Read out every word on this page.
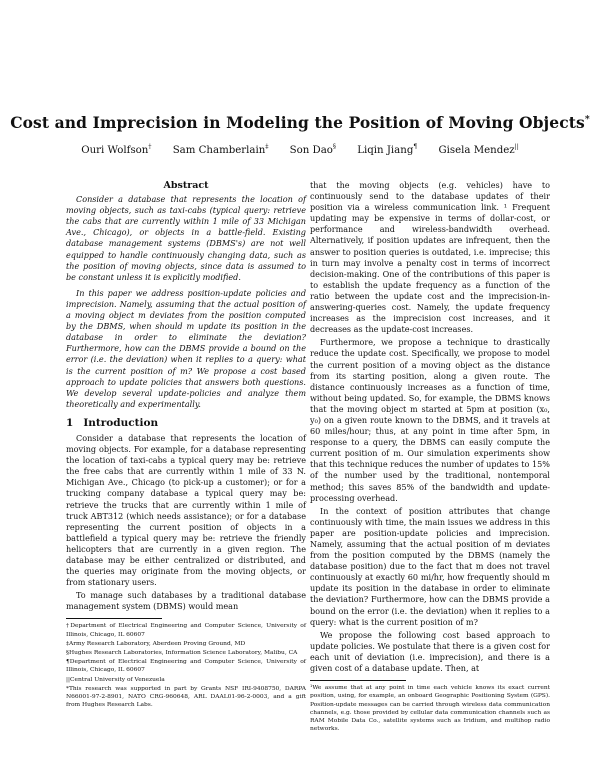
Cost and Imprecision in Modeling the Position of Moving Objects*
Ouri Wolfson† Sam Chamberlain‡ Son Dao§ Liqin Jiang¶ Gisela Mendez||
Abstract

Consider a database that represents the location of moving objects, such as taxi-cabs (typical query: retrieve the cabs that are currently within 1 mile of 33 Michigan Ave., Chicago), or objects in a battle-field. Existing database management systems (DBMS's) are not well equipped to handle continuously changing data, such as the position of moving objects, since data is assumed to be constant unless it is explicitly modified.

In this paper we address position-update policies and imprecision. Namely, assuming that the actual position of a moving object m deviates from the position computed by the DBMS, when should m update its position in the database in order to eliminate the deviation? Furthermore, how can the DBMS provide a bound on the error (i.e. the deviation) when it replies to a query: what is the current position of m? We propose a cost based approach to update policies that answers both questions. We develop several update-policies and analyze them theoretically and experimentally.

1 Introduction

Consider a database that represents the location of moving objects. For example, for a database representing the location of taxi-cabs a typical query may be: retrieve the free cabs that are currently within 1 mile of 33 N. Michigan Ave., Chicago (to pick-up a customer); or for a trucking company database a typical query may be: retrieve the trucks that are currently within 1 mile of truck ABT312 (which needs assistance); or for a database representing the current position of objects in a battlefield a typical query may be: retrieve the friendly helicopters that are currently in a given region. The database may be either centralized or distributed, and the queries may originate from the moving objects, or from stationary users.

To manage such databases by a traditional database management system (DBMS) would mean

†Department of Electrical Engineering and Computer Science, University of Illinois, Chicago, IL 60607

‡Army Research Laboratory, Aberdeen Proving Ground, MD

§Hughes Research Laboratories, Information Science Laboratory, Malibu, CA

¶Department of Electrical Engineering and Computer Science, University of Illinois, Chicago, IL 60607

||Central University of Venezuela

*This research was supported in part by Grants NSF IRI-9408750, DARPA N66001-97-2-8901, NATO CRG-960648, ARL DAAL01-96-2-0003, and a gift from Hughes Research Labs.

that the moving objects (e.g. vehicles) have to continuously send to the database updates of their position via a wireless communication link. ¹ Frequent updating may be expensive in terms of dollar-cost, or performance and wireless-bandwidth overhead. Alternatively, if position updates are infrequent, then the answer to position queries is outdated, i.e. imprecise; this in turn may involve a penalty cost in terms of incorrect decision-making. One of the contributions of this paper is to establish the update frequency as a function of the ratio between the update cost and the imprecision-in-answering-queries cost. Namely, the update frequency increases as the imprecision cost increases, and it decreases as the update-cost increases.

Furthermore, we propose a technique to drastically reduce the update cost. Specifically, we propose to model the current position of a moving object as the distance from its starting position, along a given route. The distance continuously increases as a function of time, without being updated. So, for example, the DBMS knows that the moving object m started at 5pm at position (x₀, y₀) on a given route known to the DBMS, and it travels at 60 miles/hour; thus, at any point in time after 5pm, in response to a query, the DBMS can easily compute the current position of m. Our simulation experiments show that this technique reduces the number of updates to 15% of the number used by the traditional, nontemporal method; this saves 85% of the bandwidth and update-processing overhead.

In the context of position attributes that change continuously with time, the main issues we address in this paper are position-update policies and imprecision. Namely, assuming that the actual position of m deviates from the position computed by the DBMS (namely the database position) due to the fact that m does not travel continuously at exactly 60 mi/hr, how frequently should m update its position in the database in order to eliminate the deviation? Furthermore, how can the DBMS provide a bound on the error (i.e. the deviation) when it replies to a query: what is the current position of m?

We propose the following cost based approach to update policies. We postulate that there is a given cost for each unit of deviation (i.e. imprecision), and there is a given cost of a database update. Then, at

¹We assume that at any point in time each vehicle knows its exact current position, using, for example, an onboard Geographic Positioning System (GPS). Position-update messages can be carried through wireless data communication channels, e.g. those provided by cellular data communication channels such as RAM Mobile Data Co., satellite systems such as Iridium, and multihop radio networks.
